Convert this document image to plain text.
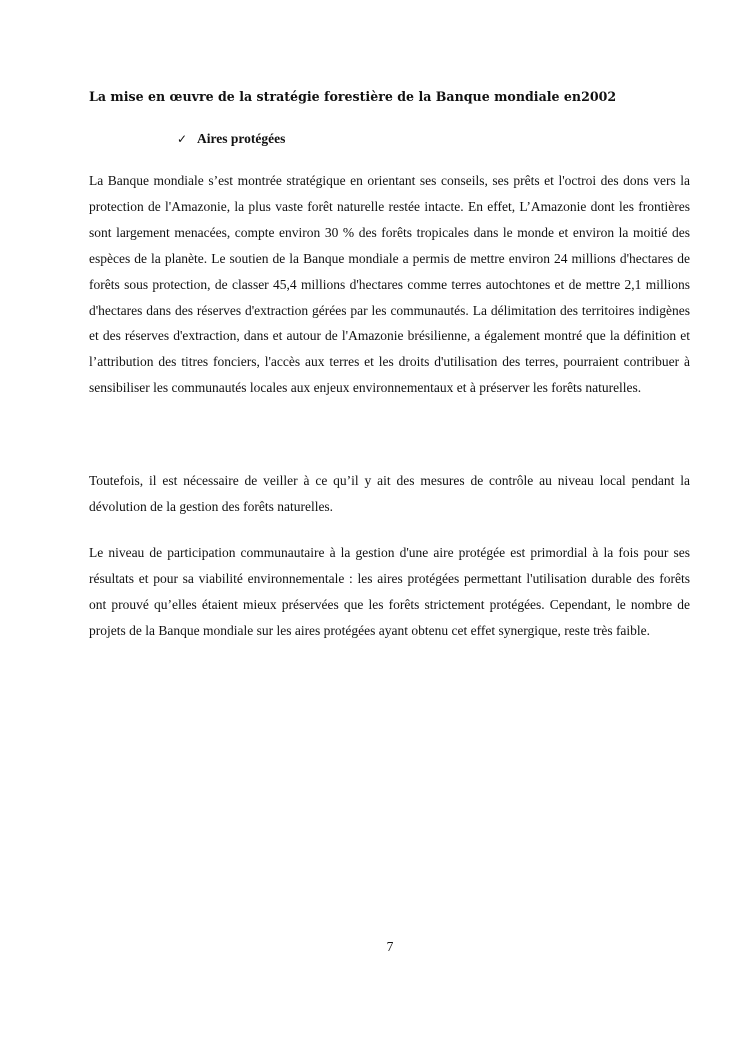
La mise en œuvre de la stratégie forestière de la Banque mondiale en2002
✓ Aires protégées

La Banque mondiale s’est montrée stratégique en orientant ses conseils, ses prêts et l'octroi des dons vers la protection de l'Amazonie, la plus vaste forêt naturelle restée intacte. En effet, L’Amazonie dont les frontières sont largement menacées, compte environ 30 % des forêts tropicales dans le monde et environ la moitié des espèces de la planète. Le soutien de la Banque mondiale a permis de mettre environ 24 millions d'hectares de forêts sous protection, de classer 45,4 millions d'hectares comme terres autochtones et de mettre 2,1 millions d'hectares dans des réserves d'extraction gérées par les communautés. La délimitation des territoires indigènes et des réserves d'extraction, dans et autour de l'Amazonie brésilienne, a également montré que la définition et l’attribution des titres fonciers, l'accès aux terres et les droits d'utilisation des terres, pourraient contribuer à sensibiliser les communautés locales aux enjeux environnementaux et à préserver les forêts naturelles.

Toutefois, il est nécessaire de veiller à ce qu’il y ait des mesures de contrôle au niveau local pendant la dévolution de la gestion des forêts naturelles.

Le niveau de participation communautaire à la gestion d'une aire protégée est primordial à la fois pour ses résultats et pour sa viabilité environnementale : les aires protégées permettant l'utilisation durable des forêts ont prouvé qu’elles étaient mieux préservées que les forêts strictement protégées. Cependant, le nombre de projets de la Banque mondiale sur les aires protégées ayant obtenu cet effet synergique, reste très faible.

7
